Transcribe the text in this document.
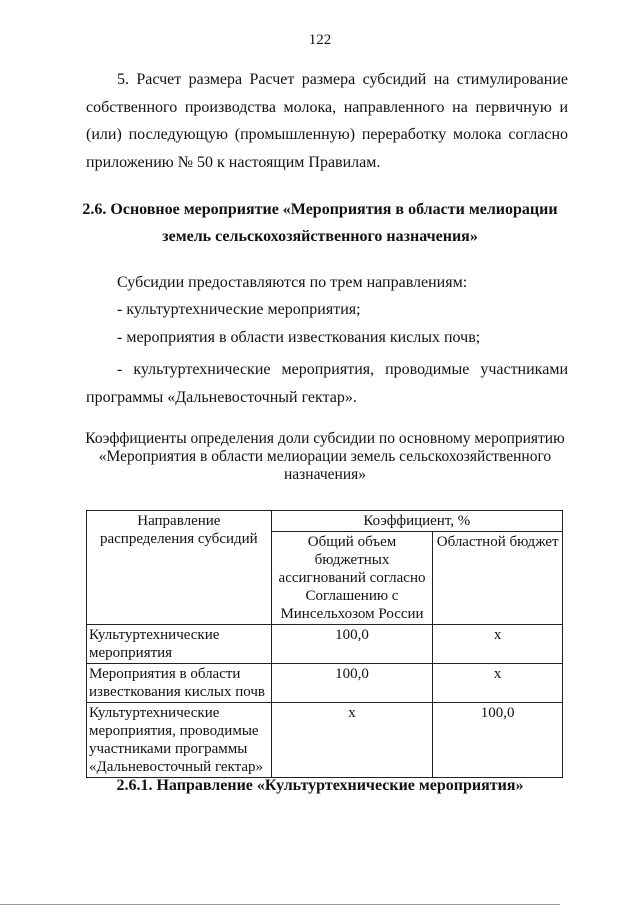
122
5. Расчет размера Расчет размера субсидий на стимулирование собственного производства молока, направленного на первичную и (или) последующую (промышленную) переработку молока согласно приложению № 50 к настоящим Правилам.
2.6. Основное мероприятие «Мероприятия в области мелиорации земель сельскохозяйственного назначения»
Субсидии предоставляются по трем направлениям:
- культуртехнические мероприятия;
- мероприятия в области известкования кислых почв;
- культуртехнические мероприятия, проводимые участниками программы «Дальневосточный гектар».
Коэффициенты определения доли субсидии по основному мероприятию «Мероприятия в области мелиорации земель сельскохозяйственного назначения»
Направление распределения субсидий	Коэффициент, %	
	Общий объем бюджетных ассигнований согласно Соглашению с Минсельхозом России	Областной бюджет
Культуртехнические мероприятия	100,0	х
Мероприятия в области известкования кислых почв	100,0	х
Культуртехнические мероприятия, проводимые участниками программы «Дальневосточный гектар»	х	100,0
2.6.1. Направление «Культуртехнические мероприятия»
